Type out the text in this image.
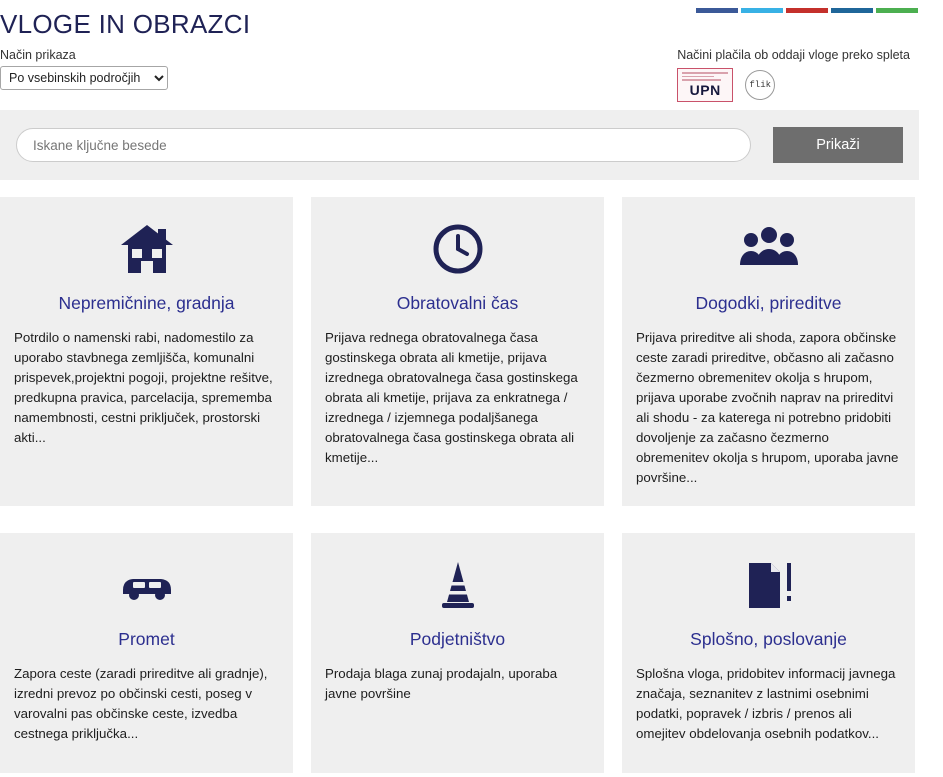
VLOGE IN OBRAZCI
Način prikaza
Po vsebinskih področjih	Načini plačila ob oddaji vloge preko spleta
UPN	flik
Iskane ključne besede
Prikaži
Nepremičnine, gradnja
Potrdilo o namenski rabi, nadomestilo za uporabo stavbnega zemljišča, komunalni prispevek,projektni pogoji, projektne rešitve, predkupna pravica, parcelacija, sprememba namembnosti, cestni priključek, prostorski akti...
Obratovalni čas
Prijava rednega obratovalnega časa gostinskega obrata ali kmetije, prijava izrednega obratovalnega časa gostinskega obrata ali kmetije, prijava za enkratnega / izrednega / izjemnega podaljšanega obratovalnega časa gostinskega obrata ali kmetije...
Dogodki, prireditve
Prijava prireditve ali shoda, zapora občinske ceste zaradi prireditve, občasno ali začasno čezmerno obremenitev okolja s hrupom, prijava uporabe zvočnih naprav na prireditvi ali shodu - za katerega ni potrebno pridobiti dovoljenje za začasno čezmerno obremenitev okolja s hrupom, uporaba javne površine...
Promet
Zapora ceste (zaradi prireditve ali gradnje), izredni prevoz po občinski cesti, poseg v varovalni pas občinske ceste, izvedba cestnega priključka...
Podjetništvo
Prodaja blaga zunaj prodajaln, uporaba javne površine
Splošno, poslovanje
Splošna vloga, pridobitev informacij javnega značaja, seznanitev z lastnimi osebnimi podatki, popravek / izbris / prenos ali omejitev obdelovanja osebnih podatkov...
